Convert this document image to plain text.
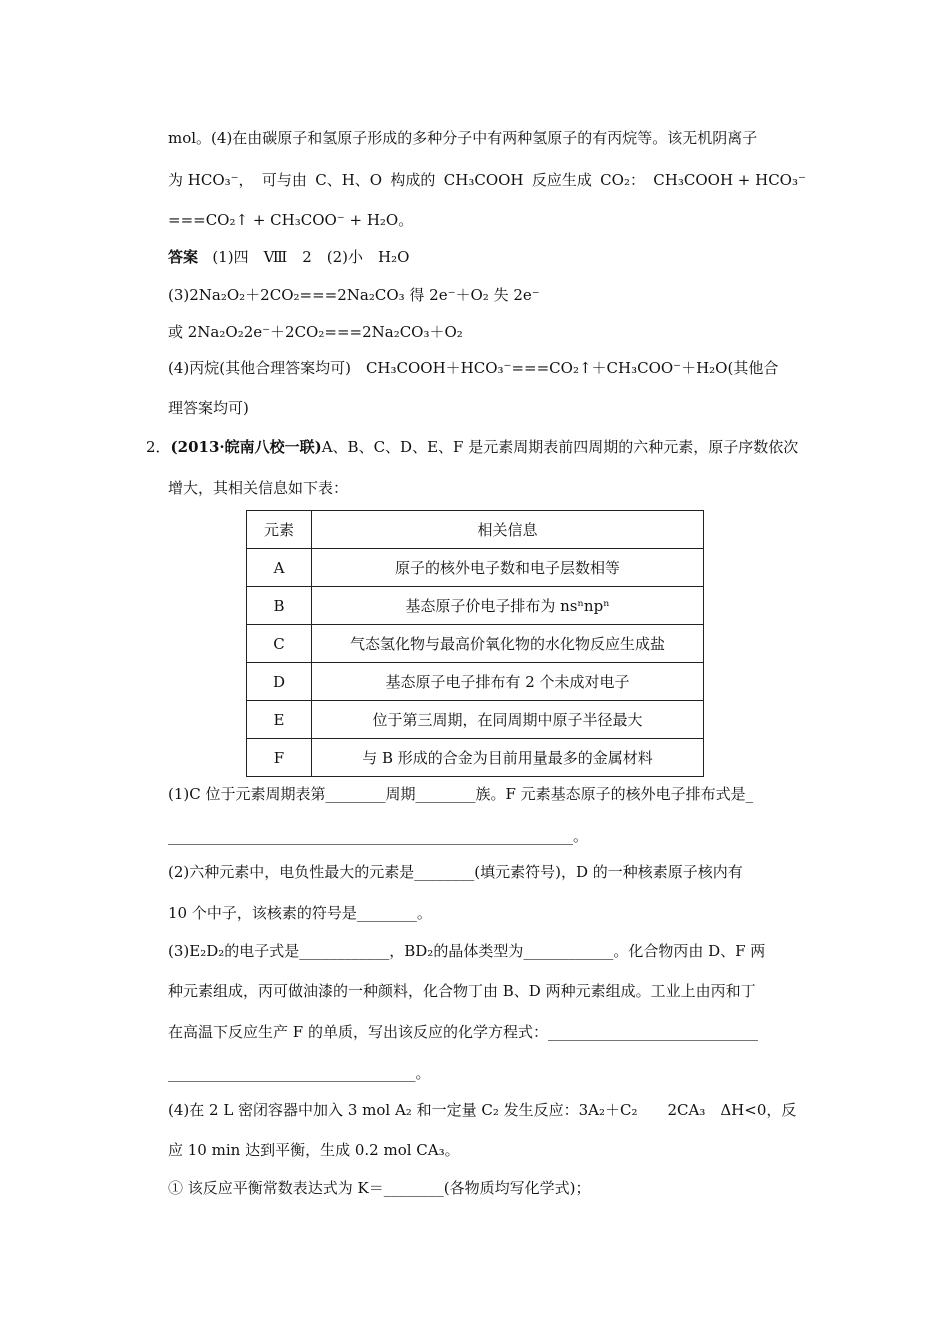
mol。(4)在由碳原子和氢原子形成的多种分子中有两种氢原子的有丙烷等。该无机阴离子
为 HCO₃⁻， 可与由 C、H、O 构成的 CH₃COOH 反应生成 CO₂： CH₃COOH + HCO₃⁻
===CO₂↑ + CH₃COO⁻ + H₂O。
答案 (1)四　Ⅷ　2　(2)小　H₂O
(3)2Na₂O₂＋2CO₂===2Na₂CO₃ 得 2e⁻＋O₂ 失 2e⁻
或 2Na₂O₂2e⁻＋2CO₂===2Na₂CO₃＋O₂
(4)丙烷(其他合理答案均可)　CH₃COOH＋HCO₃⁻===CO₂↑＋CH₃COO⁻＋H₂O(其他合
理答案均可)
2．(2013·皖南八校一联)A、B、C、D、E、F 是元素周期表前四周期的六种元素，原子序数依次
增大，其相关信息如下表：
元素	相关信息
A	原子的核外电子数和电子层数相等
B	基态原子价电子排布为 nsⁿnpⁿ
C	气态氢化物与最高价氧化物的水化物反应生成盐
D	基态原子电子排布有 2 个未成对电子
E	位于第三周期，在同周期中原子半径最大
F	与 B 形成的合金为目前用量最多的金属材料
(1)C 位于元素周期表第________周期________族。F 元素基态原子的核外电子排布式是_
______________________________________________________。
(2)六种元素中，电负性最大的元素是________(填元素符号)，D 的一种核素原子核内有
10 个中子，该核素的符号是________。
(3)E₂D₂的电子式是____________，BD₂的晶体类型为____________。化合物丙由 D、F 两
种元素组成，丙可做油漆的一种颜料，化合物丁由 B、D 两种元素组成。工业上由丙和丁
在高温下反应生产 F 的单质，写出该反应的化学方程式：____________________________
_________________________________。
(4)在 2 L 密闭容器中加入 3 mol A₂ 和一定量 C₂ 发生反应：3A₂＋C₂　　2CA₃　ΔH<0，反
应 10 min 达到平衡，生成 0.2 mol CA₃。
① 该反应平衡常数表达式为 K＝________(各物质均写化学式)；
